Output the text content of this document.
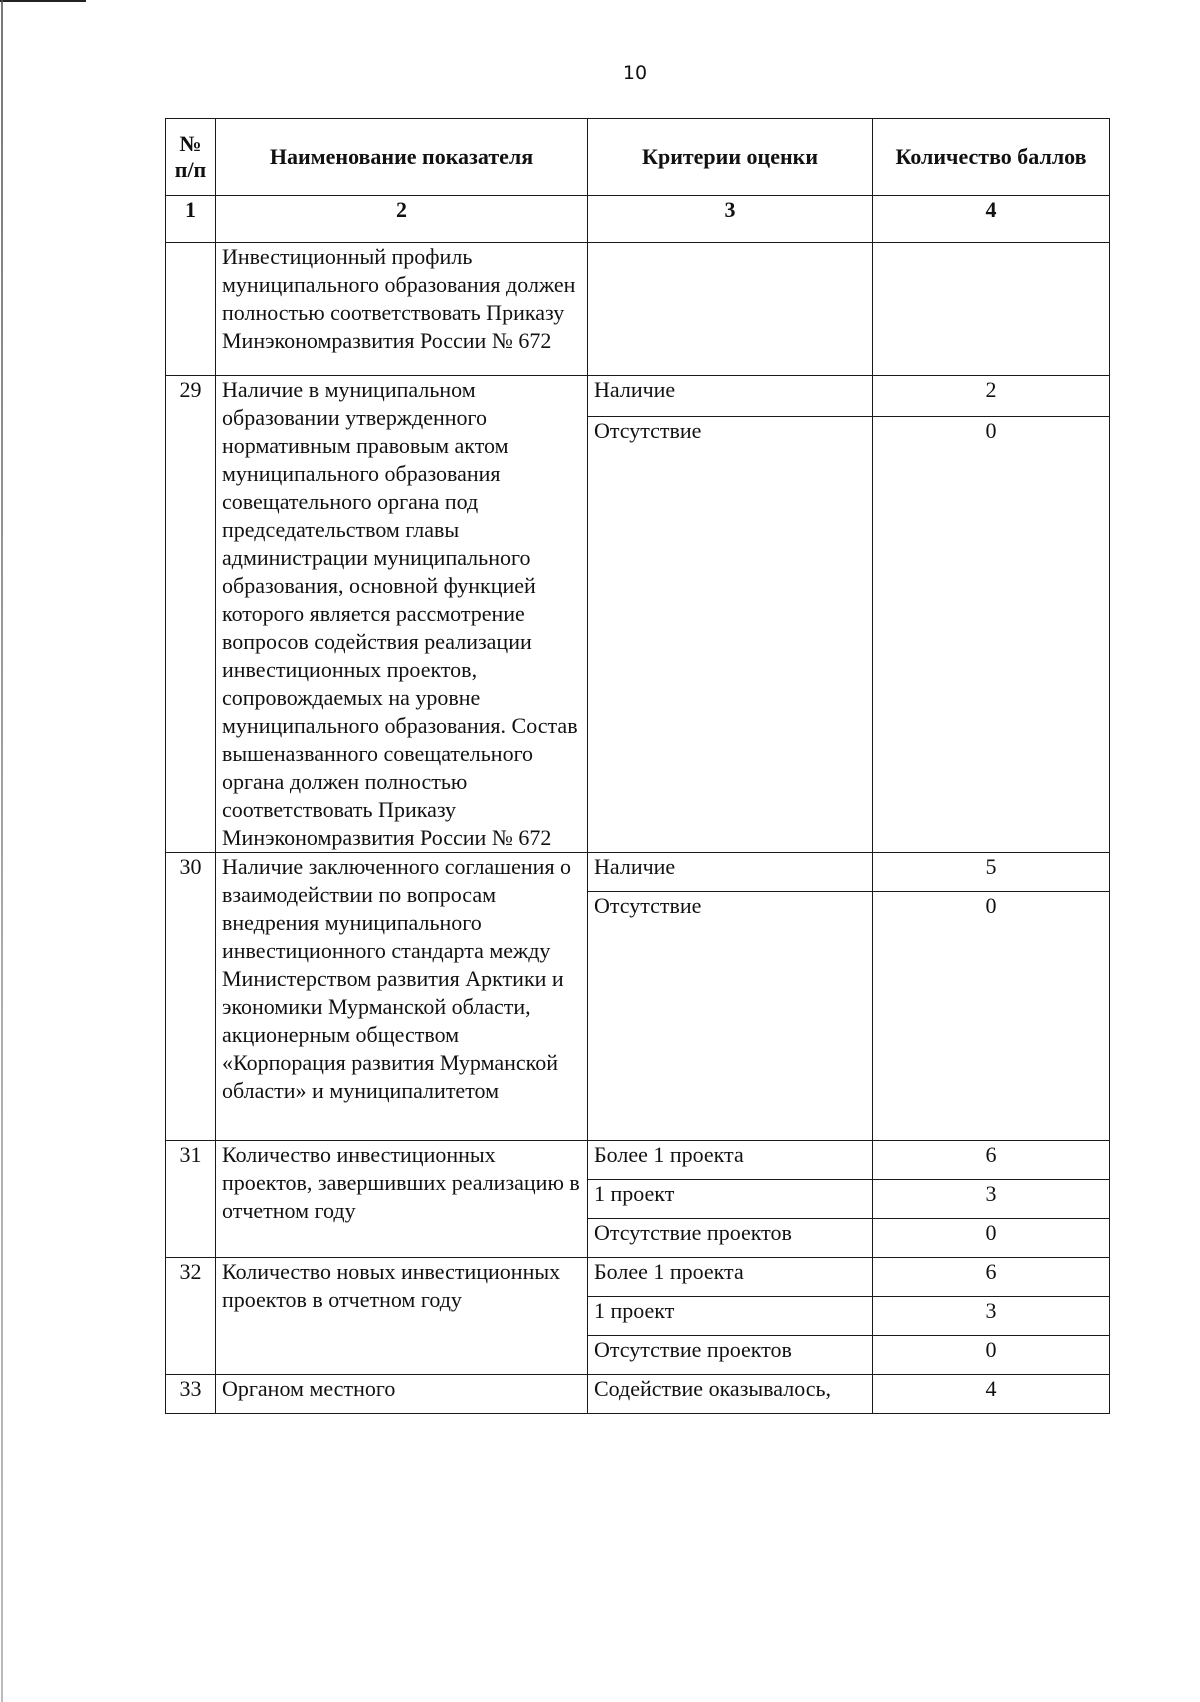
10
№ п/п	Наименование показателя	Критерии оценки	Количество баллов
1	2	3	4
	Инвестиционный профиль муниципального образования должен полностью соответствовать Приказу Минэкономразвития России № 672		
29	Наличие в муниципальном образовании утвержденного нормативным правовым актом муниципального образования совещательного органа под председательством главы администрации муниципального образования, основной функцией которого является рассмотрение вопросов содействия реализации инвестиционных проектов, сопровождаемых на уровне муниципального образования. Состав вышеназванного совещательного органа должен полностью соответствовать Приказу Минэкономразвития России № 672	Наличие	2
		Отсутствие	0
30	Наличие заключенного соглашения о взаимодействии по вопросам внедрения муниципального инвестиционного стандарта между Министерством развития Арктики и экономики Мурманской области, акционерным обществом «Корпорация развития Мурманской области» и муниципалитетом	Наличие	5
		Отсутствие	0
31	Количество инвестиционных проектов, завершивших реализацию в отчетном году	Более 1 проекта	6
		1 проект	3
		Отсутствие проектов	0
32	Количество новых инвестиционных проектов в отчетном году	Более 1 проекта	6
		1 проект	3
		Отсутствие проектов	0
33	Органом местного	Содействие оказывалось,	4
